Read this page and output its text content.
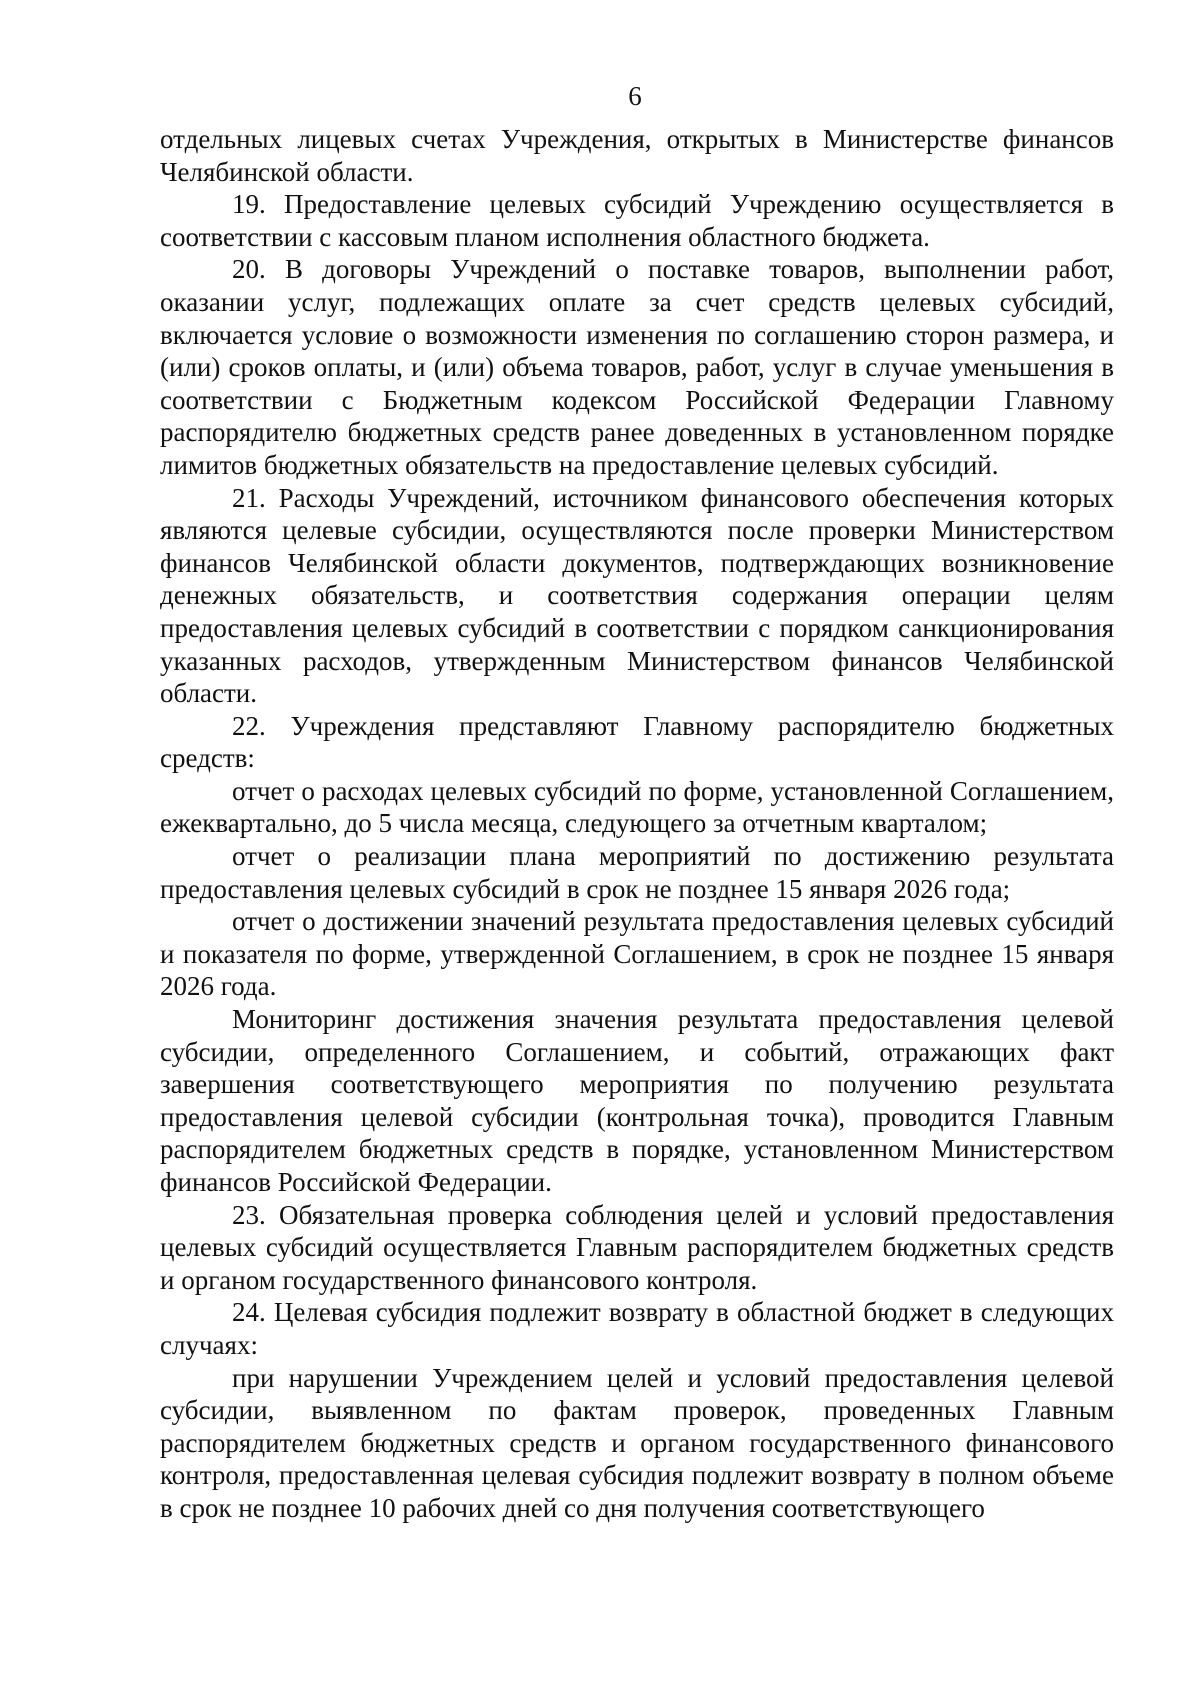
6

отдельных лицевых счетах Учреждения, открытых в Министерстве финансов Челябинской области.

19. Предоставление целевых субсидий Учреждению осуществляется в соответствии с кассовым планом исполнения областного бюджета.

20. В договоры Учреждений о поставке товаров, выполнении работ, оказании услуг, подлежащих оплате за счет средств целевых субсидий, включается условие о возможности изменения по соглашению сторон размера, и (или) сроков оплаты, и (или) объема товаров, работ, услуг в случае уменьшения в соответствии с Бюджетным кодексом Российской Федерации Главному распорядителю бюджетных средств ранее доведенных в установленном порядке лимитов бюджетных обязательств на предоставление целевых субсидий.

21. Расходы Учреждений, источником финансового обеспечения которых являются целевые субсидии, осуществляются после проверки Министерством финансов Челябинской области документов, подтверждающих возникновение денежных обязательств, и соответствия содержания операции целям предоставления целевых субсидий в соответствии с порядком санкционирования указанных расходов, утвержденным Министерством финансов Челябинской области.

22. Учреждения представляют Главному распорядителю бюджетных средств:

отчет о расходах целевых субсидий по форме, установленной Соглашением, ежеквартально, до 5 числа месяца, следующего за отчетным кварталом;

отчет о реализации плана мероприятий по достижению результата предоставления целевых субсидий в срок не позднее 15 января 2026 года;

отчет о достижении значений результата предоставления целевых субсидий и показателя по форме, утвержденной Соглашением, в срок не позднее 15 января 2026 года.

Мониторинг достижения значения результата предоставления целевой субсидии, определенного Соглашением, и событий, отражающих факт завершения соответствующего мероприятия по получению результата предоставления целевой субсидии (контрольная точка), проводится Главным распорядителем бюджетных средств в порядке, установленном Министерством финансов Российской Федерации.

23. Обязательная проверка соблюдения целей и условий предоставления целевых субсидий осуществляется Главным распорядителем бюджетных средств и органом государственного финансового контроля.

24. Целевая субсидия подлежит возврату в областной бюджет в следующих случаях:

при нарушении Учреждением целей и условий предоставления целевой субсидии, выявленном по фактам проверок, проведенных Главным распорядителем бюджетных средств и органом государственного финансового контроля, предоставленная целевая субсидия подлежит возврату в полном объеме в срок не позднее 10 рабочих дней со дня получения соответствующего
